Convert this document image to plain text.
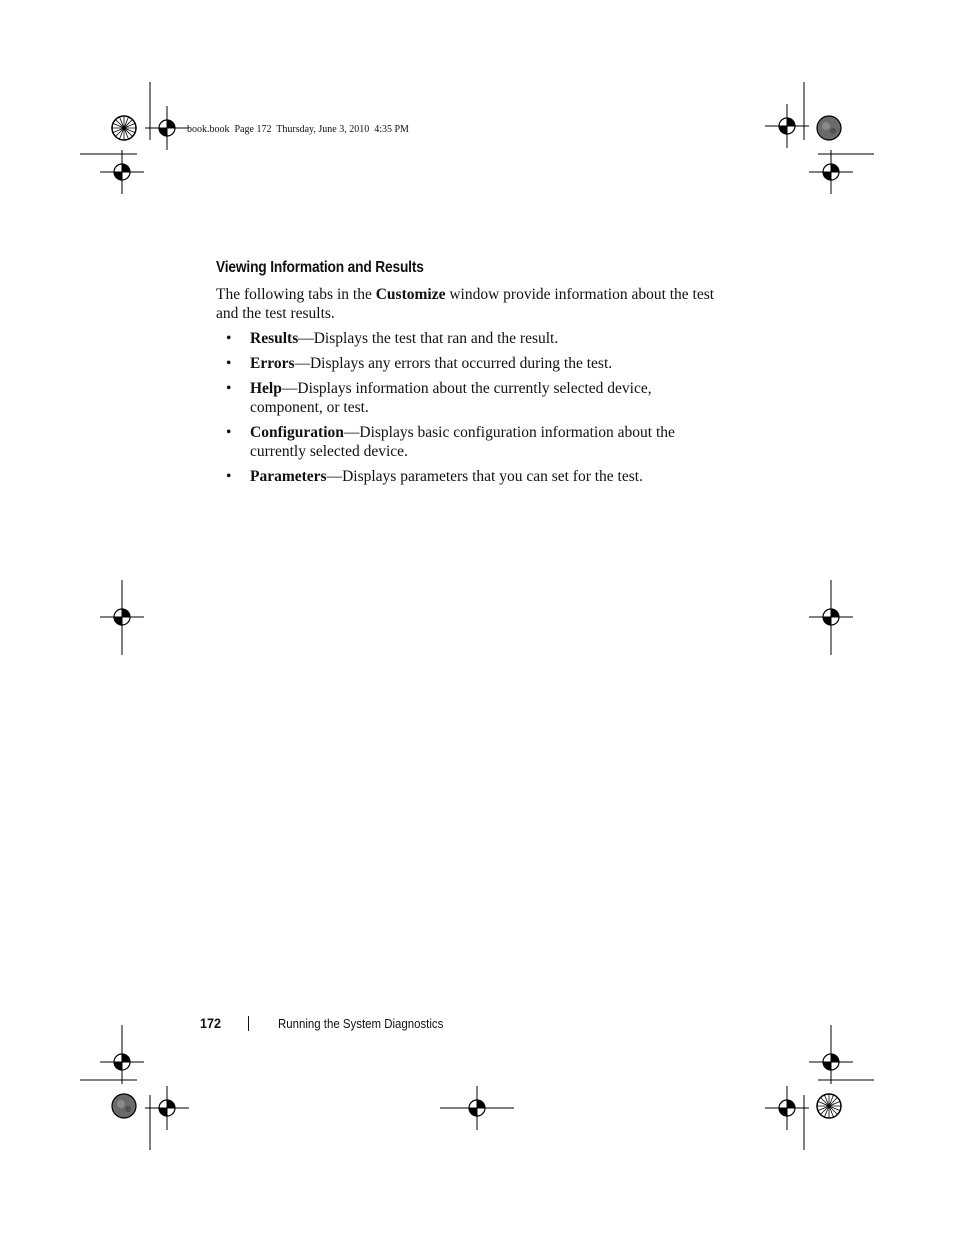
book.book  Page 172  Thursday, June 3, 2010  4:35 PM
Viewing Information and Results
The following tabs in the Customize window provide information about the test and the test results.
• Results—Displays the test that ran and the result.
• Errors—Displays any errors that occurred during the test.
• Help—Displays information about the currently selected device, component, or test.
• Configuration—Displays basic configuration information about the currently selected device.
• Parameters—Displays parameters that you can set for the test.
172	Running the System Diagnostics
